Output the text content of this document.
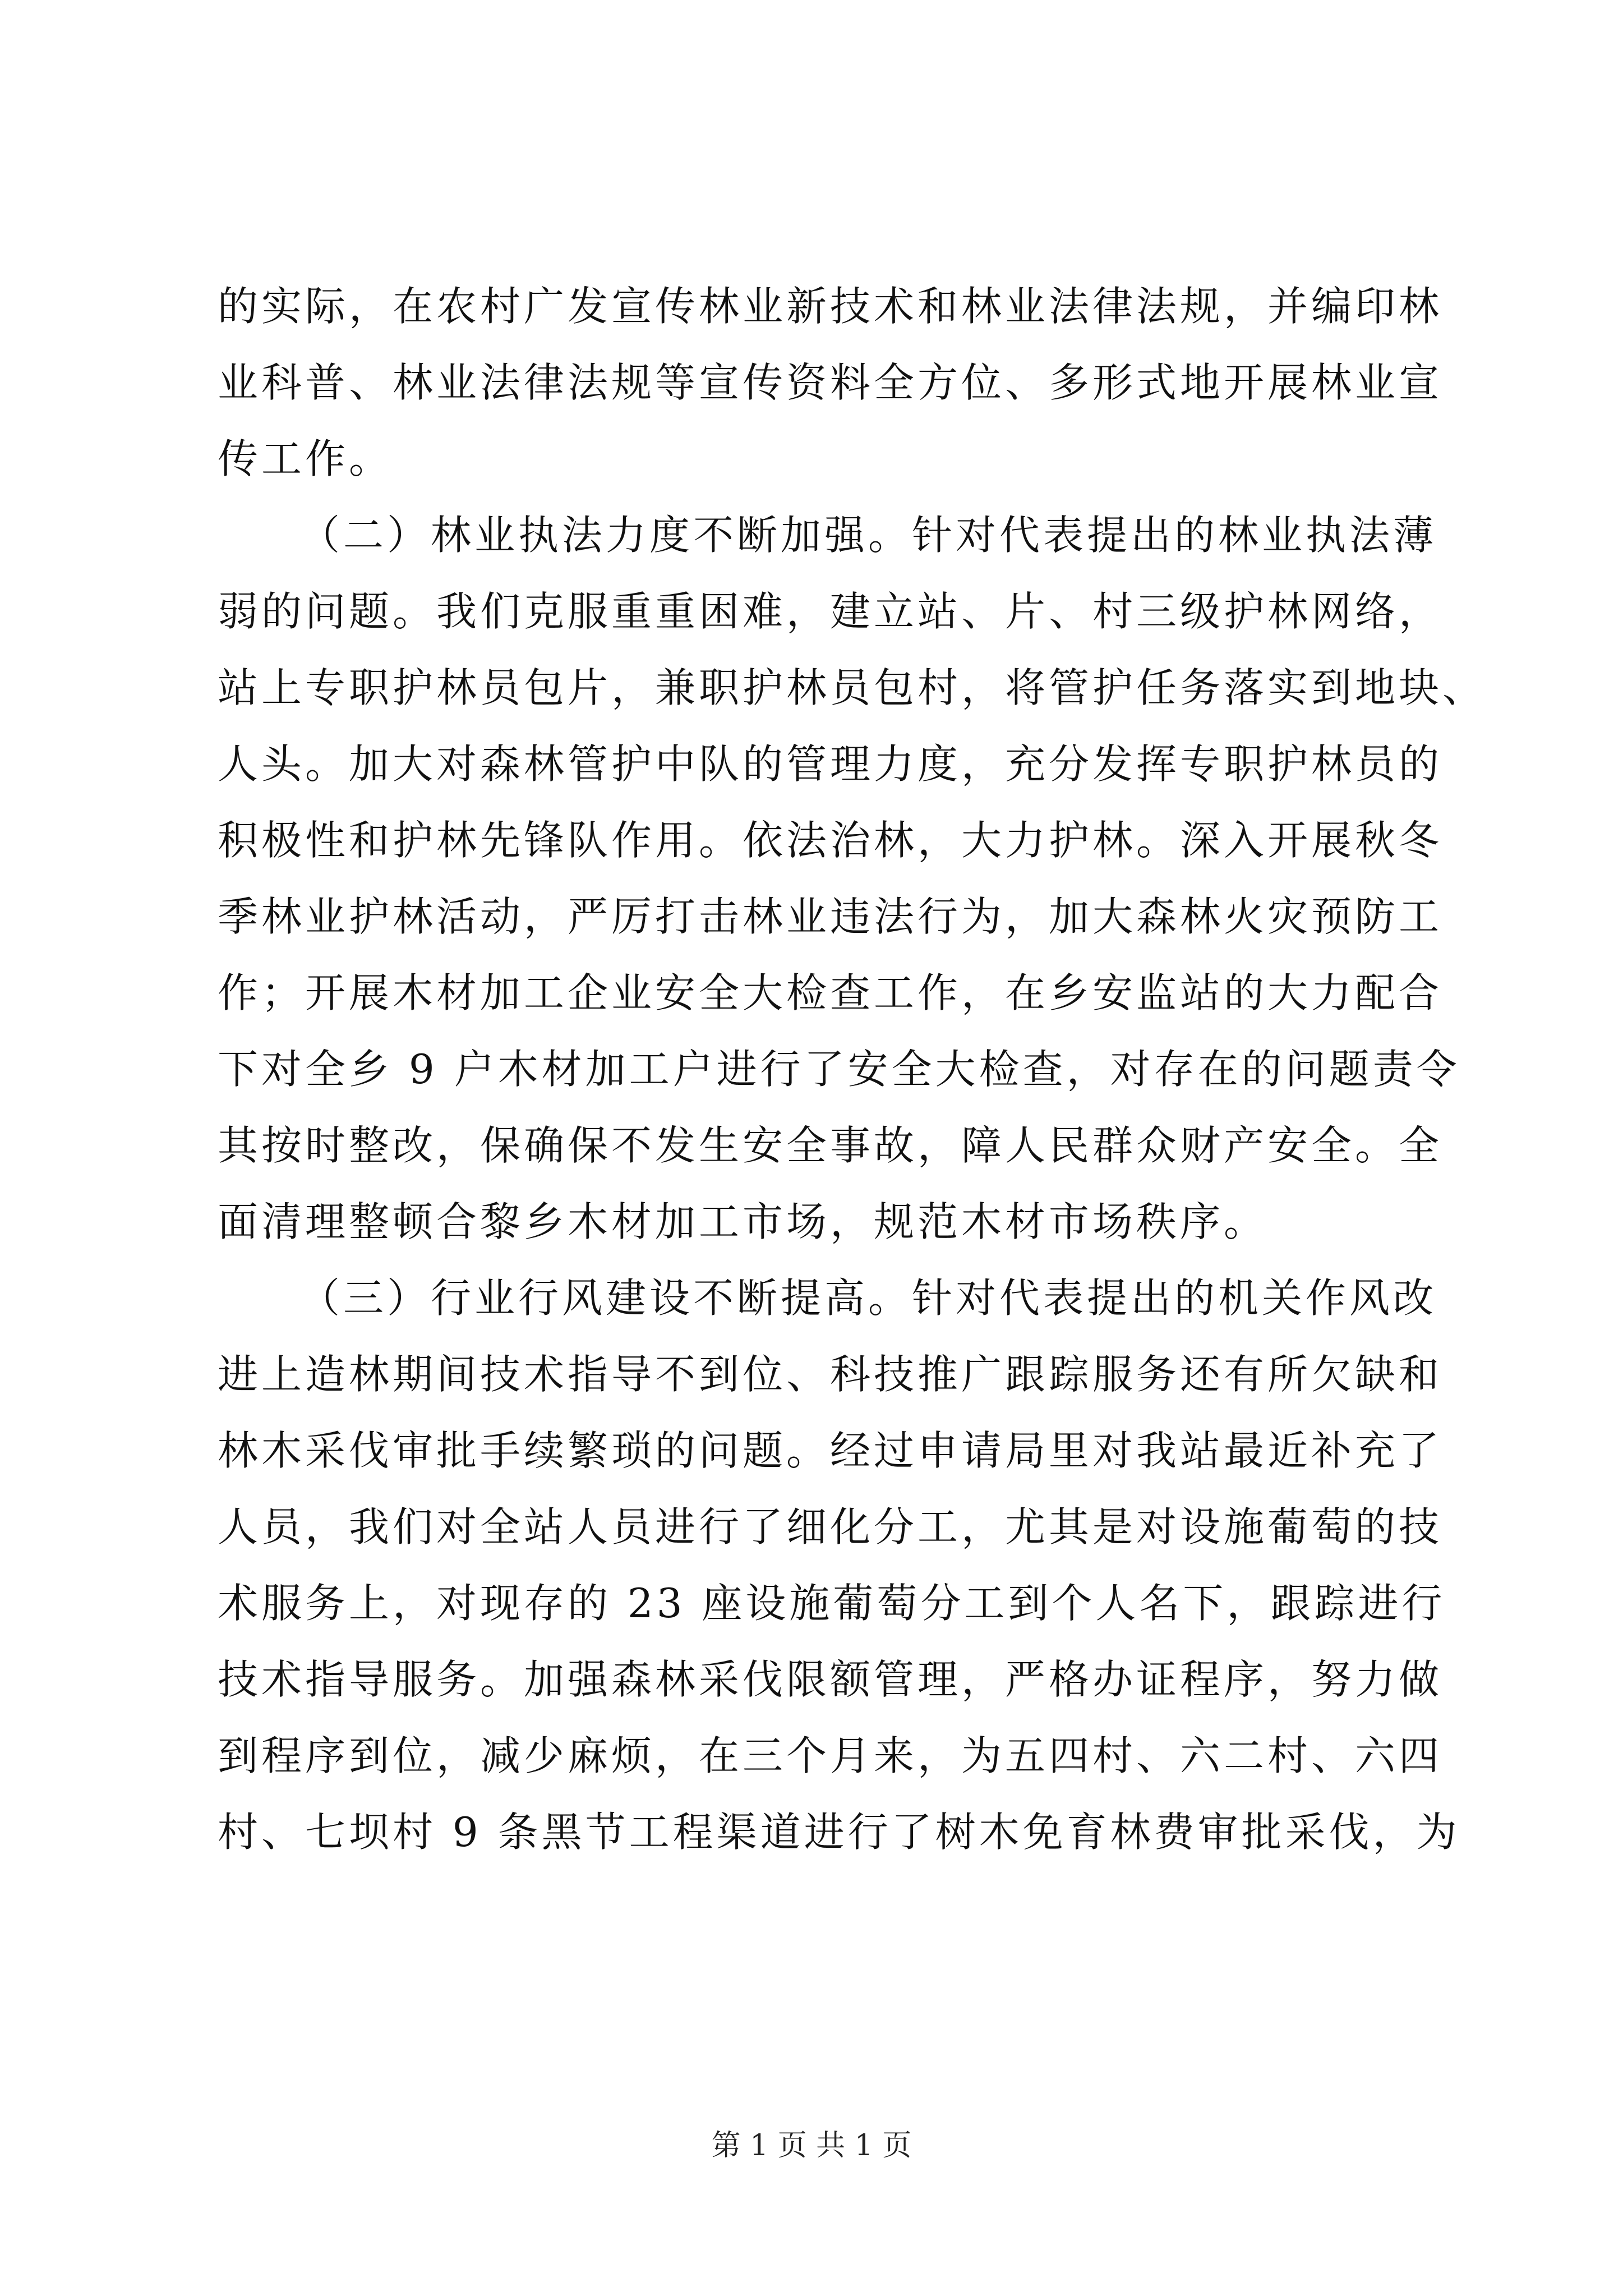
的实际，在农村广发宣传林业新技术和林业法律法规，并编印林
业科普、林业法律法规等宣传资料全方位、多形式地开展林业宣
传工作。
（二）林业执法力度不断加强。针对代表提出的林业执法薄
弱的问题。我们克服重重困难，建立站、片、村三级护林网络，
站上专职护林员包片，兼职护林员包村，将管护任务落实到地块、
人头。加大对森林管护中队的管理力度，充分发挥专职护林员的
积极性和护林先锋队作用。依法治林，大力护林。深入开展秋冬
季林业护林活动，严厉打击林业违法行为，加大森林火灾预防工
作；开展木材加工企业安全大检查工作，在乡安监站的大力配合
下对全乡 9 户木材加工户进行了安全大检查，对存在的问题责令
其按时整改，保确保不发生安全事故，障人民群众财产安全。全
面清理整顿合黎乡木材加工市场，规范木材市场秩序。
（三）行业行风建设不断提高。针对代表提出的机关作风改
进上造林期间技术指导不到位、科技推广跟踪服务还有所欠缺和
林木采伐审批手续繁琐的问题。经过申请局里对我站最近补充了
人员，我们对全站人员进行了细化分工，尤其是对设施葡萄的技
术服务上，对现存的 23 座设施葡萄分工到个人名下，跟踪进行
技术指导服务。加强森林采伐限额管理，严格办证程序，努力做
到程序到位，减少麻烦，在三个月来，为五四村、六二村、六四
村、七坝村 9 条黑节工程渠道进行了树木免育林费审批采伐，为
第 1 页 共 1 页
